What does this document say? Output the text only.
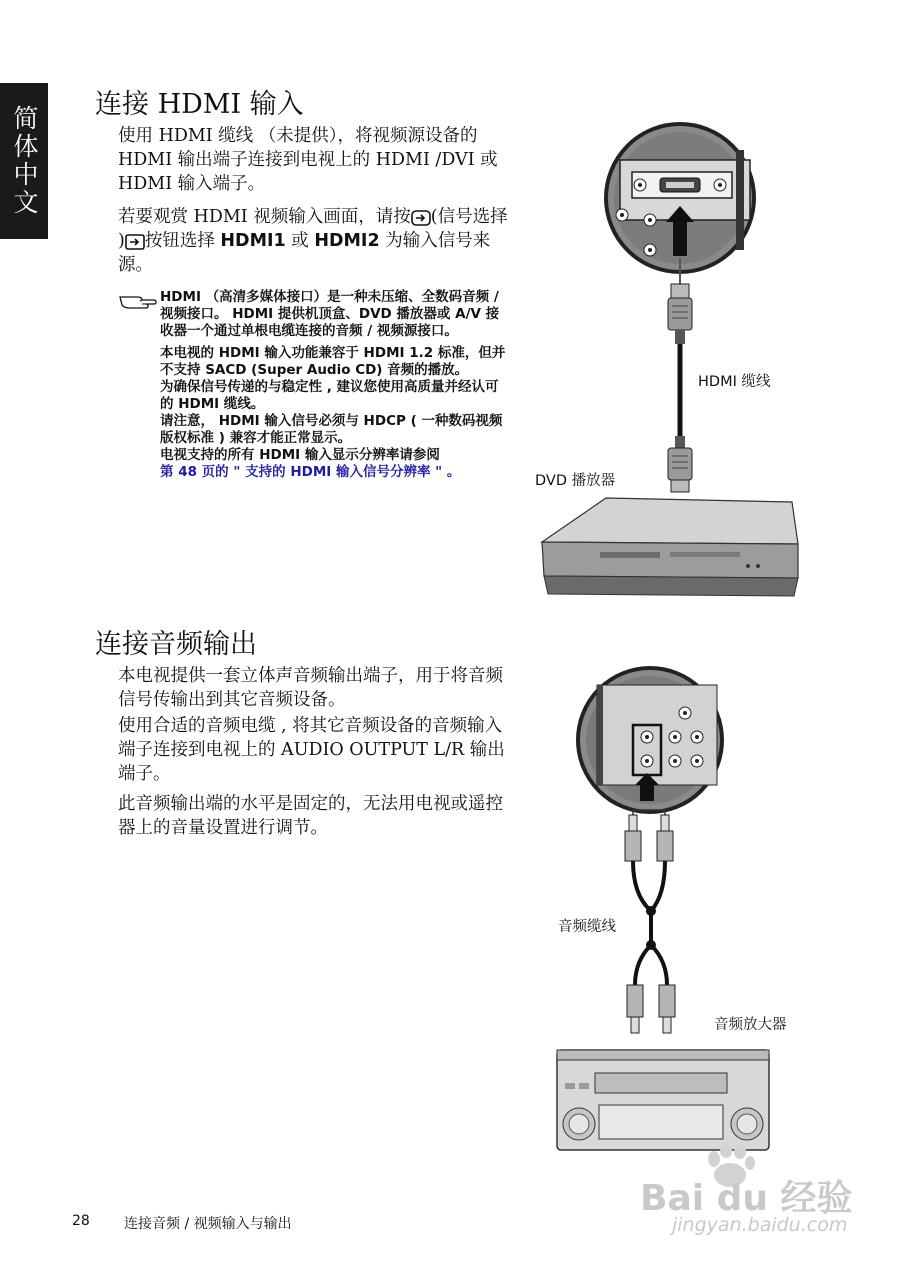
简体中文
连接 HDMI 输入
使用 HDMI 缆线 （未提供），将视频源设备的 HDMI 输出端子连接到电视上的 HDMI /DVI 或 HDMI 输入端子。
若要观赏 HDMI 视频输入画面，请按 (信号选择 ) 按钮选择 HDMI1 或 HDMI2 为输入信号来源。
HDMI （高清多媒体接口）是一种未压缩、全数码音频 / 视频接口。 HDMI 提供机顶盒、DVD 播放器或 A/V 接收器一个通过单根电缆连接的音频 / 视频源接口。
本电视的 HDMI 输入功能兼容于 HDMI 1.2 标准，但并不支持 SACD (Super Audio CD) 音频的播放。
为确保信号传递的与稳定性 , 建议您使用高质量并经认可的 HDMI 缆线。
请注意， HDMI 输入信号必须与 HDCP ( 一种数码视频版权标准 ) 兼容才能正常显示。
电视支持的所有 HDMI 输入显示分辨率请参阅
第 48 页的 " 支持的 HDMI 输入信号分辨率 " 。
HDMI 缆线
DVD 播放器
连接音频输出
本电视提供一套立体声音频输出端子，用于将音频信号传输出到其它音频设备。
使用合适的音频电缆 , 将其它音频设备的音频输入端子连接到电视上的 AUDIO OUTPUT L/R 输出端子。
此音频输出端的水平是固定的，无法用电视或遥控器上的音量设置进行调节。
音频缆线
音频放大器
28 连接音频 / 视频输入与输出
Bai du 经验
jingyan.baidu.com
